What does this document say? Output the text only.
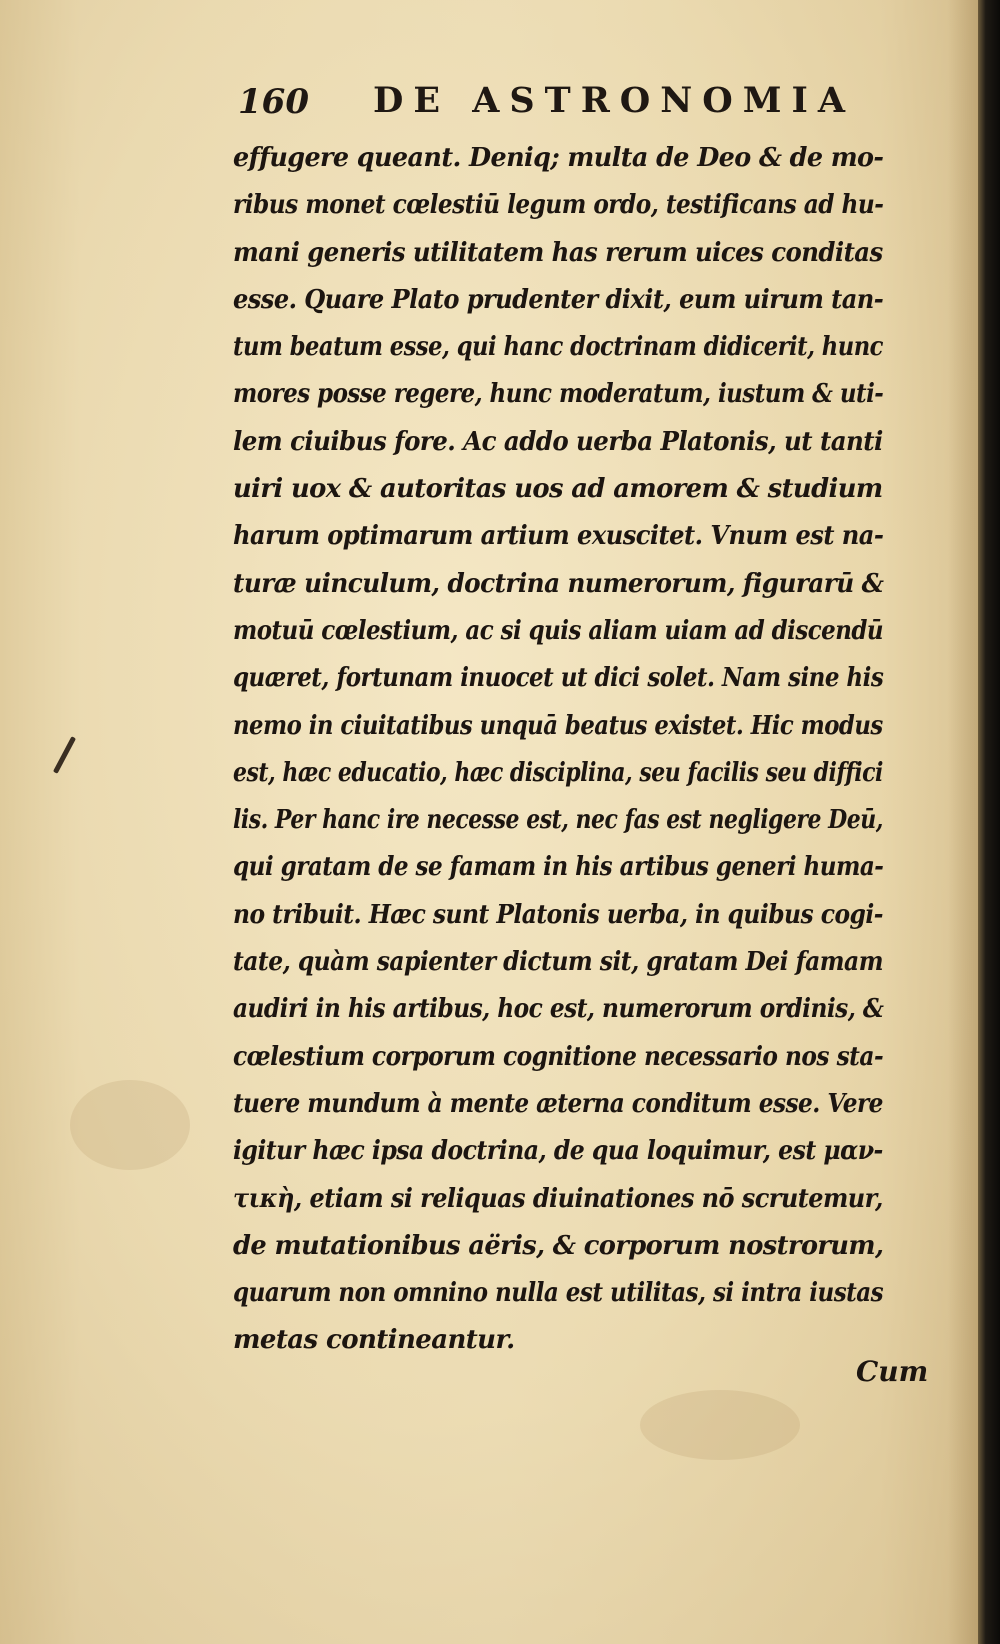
160 DE ASTRONOMIA
effugere queant. Deniq; multa de Deo & de mo-
ribus monet cœlestiū legum ordo, testificans ad hu-
mani generis utilitatem has rerum uices conditas
esse. Quare Plato prudenter dixit, eum uirum tan-
tum beatum esse, qui hanc doctrinam didicerit, hunc
mores posse regere, hunc moderatum, iustum & uti-
lem ciuibus fore. Ac addo uerba Platonis, ut tanti
uiri uox & autoritas uos ad amorem & studium
harum optimarum artium exuscitet. Vnum est na-
turæ uinculum, doctrina numerorum, figurarū &
motuū cœlestium, ac si quis aliam uiam ad discendū
quæret, fortunam inuocet ut dici solet. Nam sine his
nemo in ciuitatibus unquā beatus existet. Hic modus
est, hæc educatio, hæc disciplina, seu facilis seu diffici
lis. Per hanc ire necesse est, nec fas est negligere Deū,
qui gratam de se famam in his artibus generi huma-
no tribuit. Hæc sunt Platonis uerba, in quibus cogi-
tate, quàm sapienter dictum sit, gratam Dei famam
audiri in his artibus, hoc est, numerorum ordinis, &
cœlestium corporum cognitione necessario nos sta-
tuere mundum à mente æterna conditum esse. Vere
igitur hæc ipsa doctrina, de qua loquimur, est μαν-
τικὴ, etiam si reliquas diuinationes nō scrutemur,
de mutationibus aëris, & corporum nostrorum,
quarum non omnino nulla est utilitas, si intra iustas
metas contineantur.
Cum
